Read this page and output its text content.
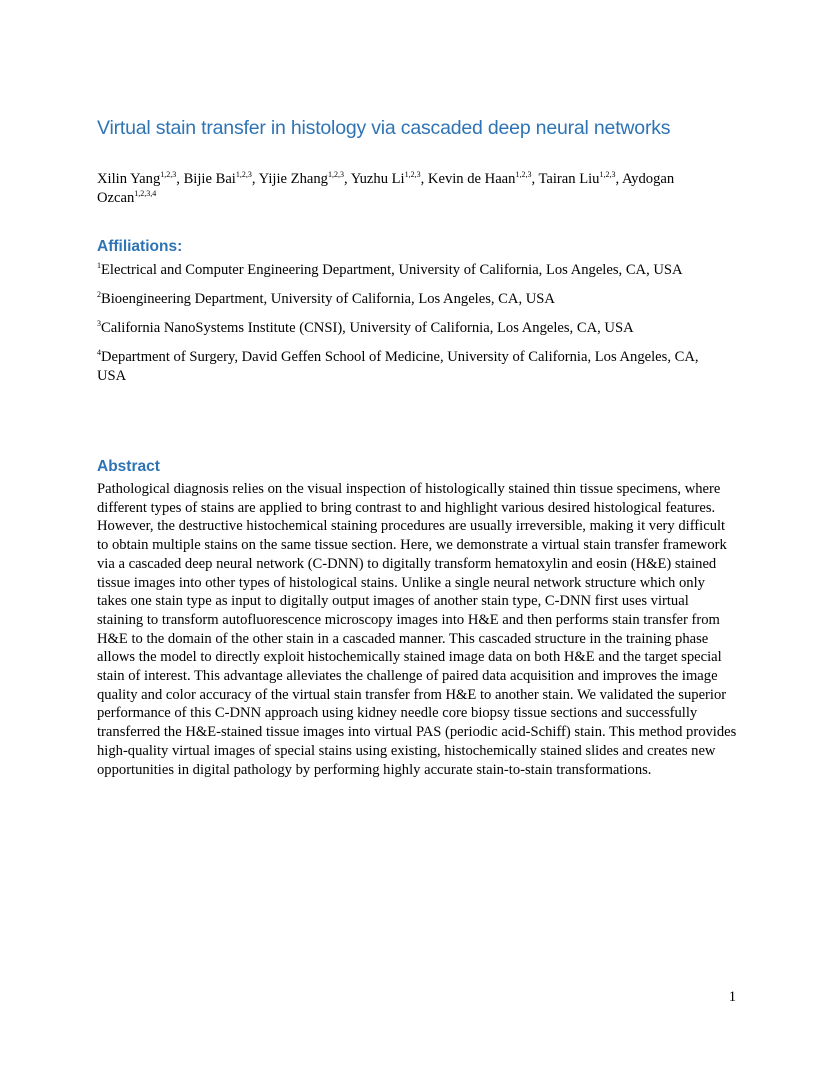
Virtual stain transfer in histology via cascaded deep neural networks

Xilin Yang$^{1,2,3}$, Bijie Bai$^{1,2,3}$, Yijie Zhang$^{1,2,3}$, Yuzhu Li$^{1,2,3}$, Kevin de Haan$^{1,2,3}$, Tairan Liu$^{1,2,3}$, Aydogan Ozcan$^{1,2,3,4}$

Affiliations:

$^1$Electrical and Computer Engineering Department, University of California, Los Angeles, CA, USA

$^2$Bioengineering Department, University of California, Los Angeles, CA, USA

$^3$California NanoSystems Institute (CNSI), University of California, Los Angeles, CA, USA

$^4$Department of Surgery, David Geffen School of Medicine, University of California, Los Angeles, CA, USA

Abstract

Pathological diagnosis relies on the visual inspection of histologically stained thin tissue specimens, where different types of stains are applied to bring contrast to and highlight various desired histological features. However, the destructive histochemical staining procedures are usually irreversible, making it very difficult to obtain multiple stains on the same tissue section. Here, we demonstrate a virtual stain transfer framework via a cascaded deep neural network (C-DNN) to digitally transform hematoxylin and eosin (H&E) stained tissue images into other types of histological stains. Unlike a single neural network structure which only takes one stain type as input to digitally output images of another stain type, C-DNN first uses virtual staining to transform autofluorescence microscopy images into H&E and then performs stain transfer from H&E to the domain of the other stain in a cascaded manner. This cascaded structure in the training phase allows the model to directly exploit histochemically stained image data on both H&E and the target special stain of interest. This advantage alleviates the challenge of paired data acquisition and improves the image quality and color accuracy of the virtual stain transfer from H&E to another stain. We validated the superior performance of this C-DNN approach using kidney needle core biopsy tissue sections and successfully transferred the H&E-stained tissue images into virtual PAS (periodic acid-Schiff) stain. This method provides high-quality virtual images of special stains using existing, histochemically stained slides and creates new opportunities in digital pathology by performing highly accurate stain-to-stain transformations.

1
